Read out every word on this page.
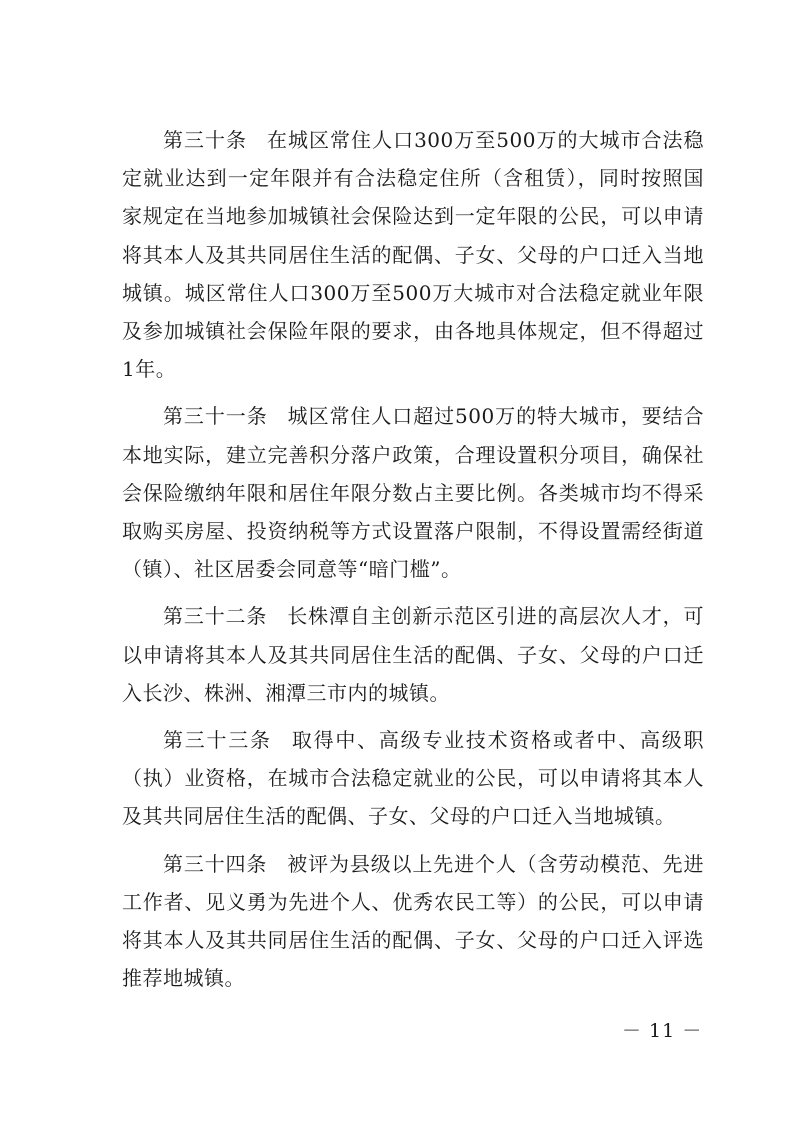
第三十条 在城区常住人口300万至500万的大城市合法稳定就业达到一定年限并有合法稳定住所（含租赁），同时按照国家规定在当地参加城镇社会保险达到一定年限的公民，可以申请将其本人及其共同居住生活的配偶、子女、父母的户口迁入当地城镇。城区常住人口300万至500万大城市对合法稳定就业年限及参加城镇社会保险年限的要求，由各地具体规定，但不得超过1年。

第三十一条 城区常住人口超过500万的特大城市，要结合本地实际，建立完善积分落户政策，合理设置积分项目，确保社会保险缴纳年限和居住年限分数占主要比例。各类城市均不得采取购买房屋、投资纳税等方式设置落户限制，不得设置需经街道（镇）、社区居委会同意等“暗门槛”。

第三十二条 长株潭自主创新示范区引进的高层次人才，可以申请将其本人及其共同居住生活的配偶、子女、父母的户口迁入长沙、株洲、湘潭三市内的城镇。

第三十三条 取得中、高级专业技术资格或者中、高级职（执）业资格，在城市合法稳定就业的公民，可以申请将其本人及其共同居住生活的配偶、子女、父母的户口迁入当地城镇。

第三十四条 被评为县级以上先进个人（含劳动模范、先进工作者、见义勇为先进个人、优秀农民工等）的公民，可以申请将其本人及其共同居住生活的配偶、子女、父母的户口迁入评选推荐地城镇。

－ 11 －
